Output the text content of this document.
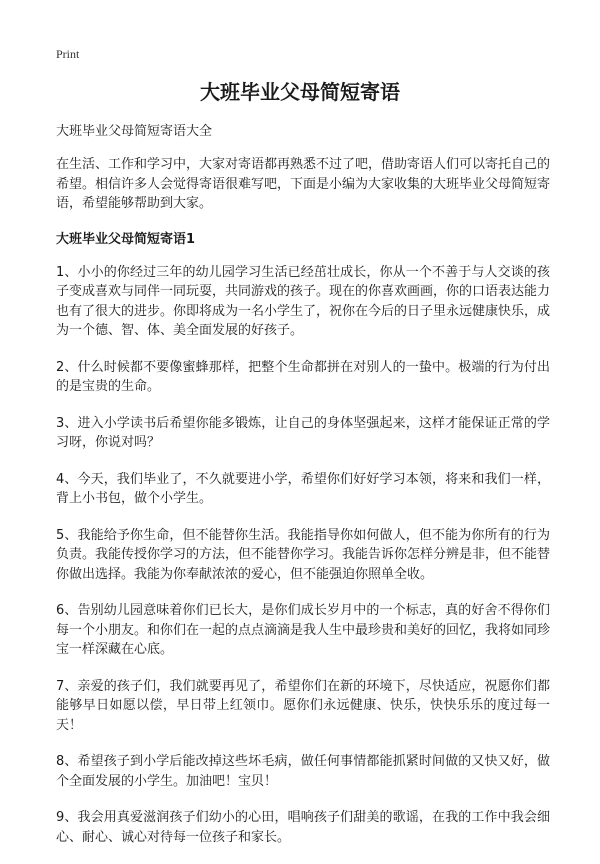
Print
大班毕业父母简短寄语
大班毕业父母简短寄语大全

在生活、工作和学习中，大家对寄语都再熟悉不过了吧，借助寄语人们可以寄托自己的希望。相信许多人会觉得寄语很难写吧，下面是小编为大家收集的大班毕业父母简短寄语，希望能够帮助到大家。

大班毕业父母简短寄语1

1、小小的你经过三年的幼儿园学习生活已经茁壮成长，你从一个不善于与人交谈的孩子变成喜欢与同伴一同玩耍，共同游戏的孩子。现在的你喜欢画画，你的口语表达能力也有了很大的进步。你即将成为一名小学生了，祝你在今后的日子里永远健康快乐，成为一个德、智、体、美全面发展的好孩子。

2、什么时候都不要像蜜蜂那样，把整个生命都拼在对别人的一蛰中。极端的行为付出的是宝贵的生命。

3、进入小学读书后希望你能多锻炼，让自己的身体坚强起来，这样才能保证正常的学习呀，你说对吗？

4、今天，我们毕业了，不久就要进小学，希望你们好好学习本领，将来和我们一样，背上小书包，做个小学生。

5、我能给予你生命，但不能替你生活。我能指导你如何做人，但不能为你所有的行为负责。我能传授你学习的方法，但不能替你学习。我能告诉你怎样分辨是非，但不能替你做出选择。我能为你奉献浓浓的爱心，但不能强迫你照单全收。

6、告别幼儿园意味着你们已长大，是你们成长岁月中的一个标志，真的好舍不得你们每一个小朋友。和你们在一起的点点滴滴是我人生中最珍贵和美好的回忆，我将如同珍宝一样深藏在心底。

7、亲爱的孩子们，我们就要再见了，希望你们在新的环境下，尽快适应，祝愿你们都能够早日如愿以偿，早日带上红领巾。愿你们永远健康、快乐，快快乐乐的度过每一天！

8、希望孩子到小学后能改掉这些坏毛病，做任何事情都能抓紧时间做的又快又好，做个全面发展的小学生。加油吧！宝贝！

9、我会用真爱滋润孩子们幼小的心田，唱响孩子们甜美的歌谣，在我的工作中我会细心、耐心、诚心对待每一位孩子和家长。
